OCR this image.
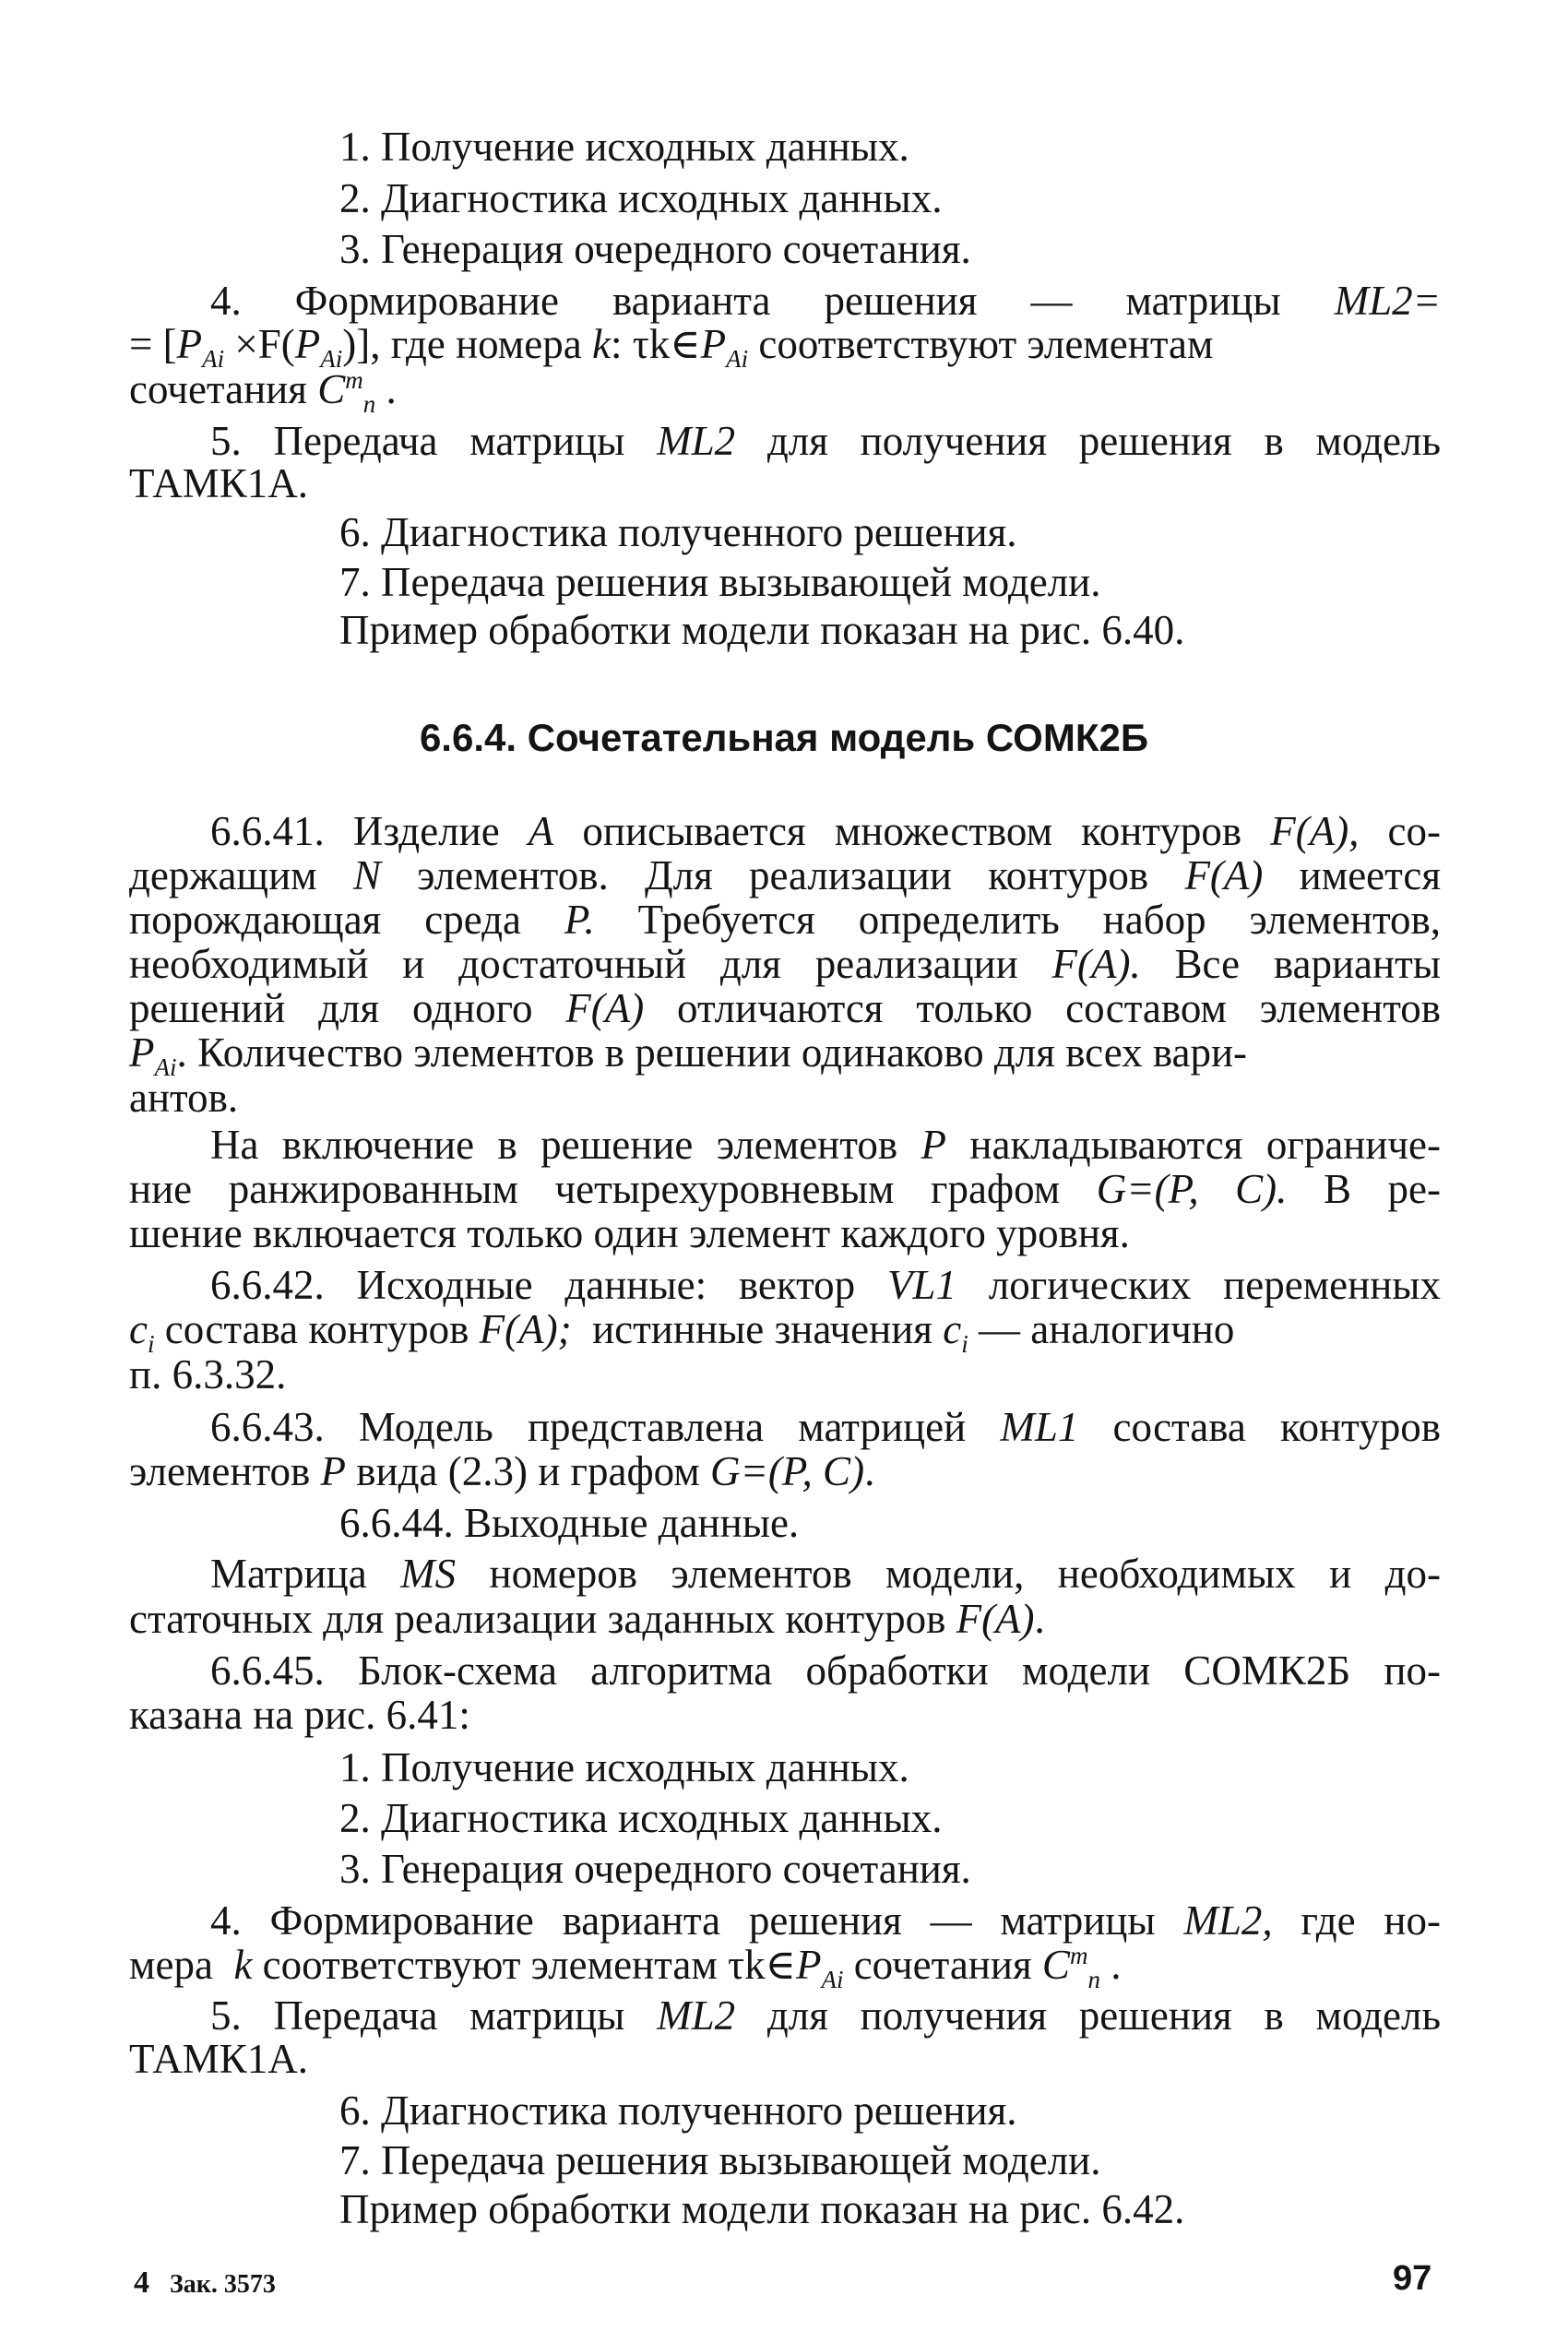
1. Получение исходных данных.
2. Диагностика исходных данных.
3. Генерация очередного сочетания.
4. Формирование варианта решения — матрицы ML2=
= $[P_{Ai} \times F(P_{Ai})]$, где номера k: $\tau k\in P_{Ai}$ соответствуют элементам
сочетания $C^m_n$ .
5. Передача матрицы ML2 для получения решения в модель
ТАМК1А.
6. Диагностика полученного решения.
7. Передача решения вызывающей модели.
Пример обработки модели показан на рис. 6.40.
6.6.4. Сочетательная модель СОМК2Б
6.6.41. Изделие A описывается множеством контуров F(A), со-
держащим N элементов. Для реализации контуров F(A) имеется
порождающая среда P. Требуется определить набор элементов,
необходимый и достаточный для реализации F(A). Все варианты
решений для одного F(A) отличаются только составом элементов
$P_{Ai}$. Количество элементов в решении одинаково для всех вари-
антов.
На включение в решение элементов P накладываются ограниче-
ние ранжированным четырехуровневым графом G=(P, C). В ре-
шение включается только один элемент каждого уровня.
6.6.42. Исходные данные: вектор VL1 логических переменных
$c_i$ состава контуров F(A);  истинные значения $c_i$ — аналогично
п. 6.3.32.
6.6.43. Модель представлена матрицей ML1 состава контуров
элементов P вида (2.3) и графом G=(P, C).
6.6.44. Выходные данные.
Матрица MS номеров элементов модели, необходимых и до-
статочных для реализации заданных контуров F(A).
6.6.45. Блок-схема алгоритма обработки модели СОМК2Б по-
казана на рис. 6.41:
1. Получение исходных данных.
2. Диагностика исходных данных.
3. Генерация очередного сочетания.
4. Формирование варианта решения — матрицы ML2, где но-
мера  k соответствуют элементам $\tau k\in P_{Ai}$ сочетания $C^m_n$ .
5. Передача матрицы ML2 для получения решения в модель
ТАМК1А.
6. Диагностика полученного решения.
7. Передача решения вызывающей модели.
Пример обработки модели показан на рис. 6.42.
4 Зак. 3573	97
